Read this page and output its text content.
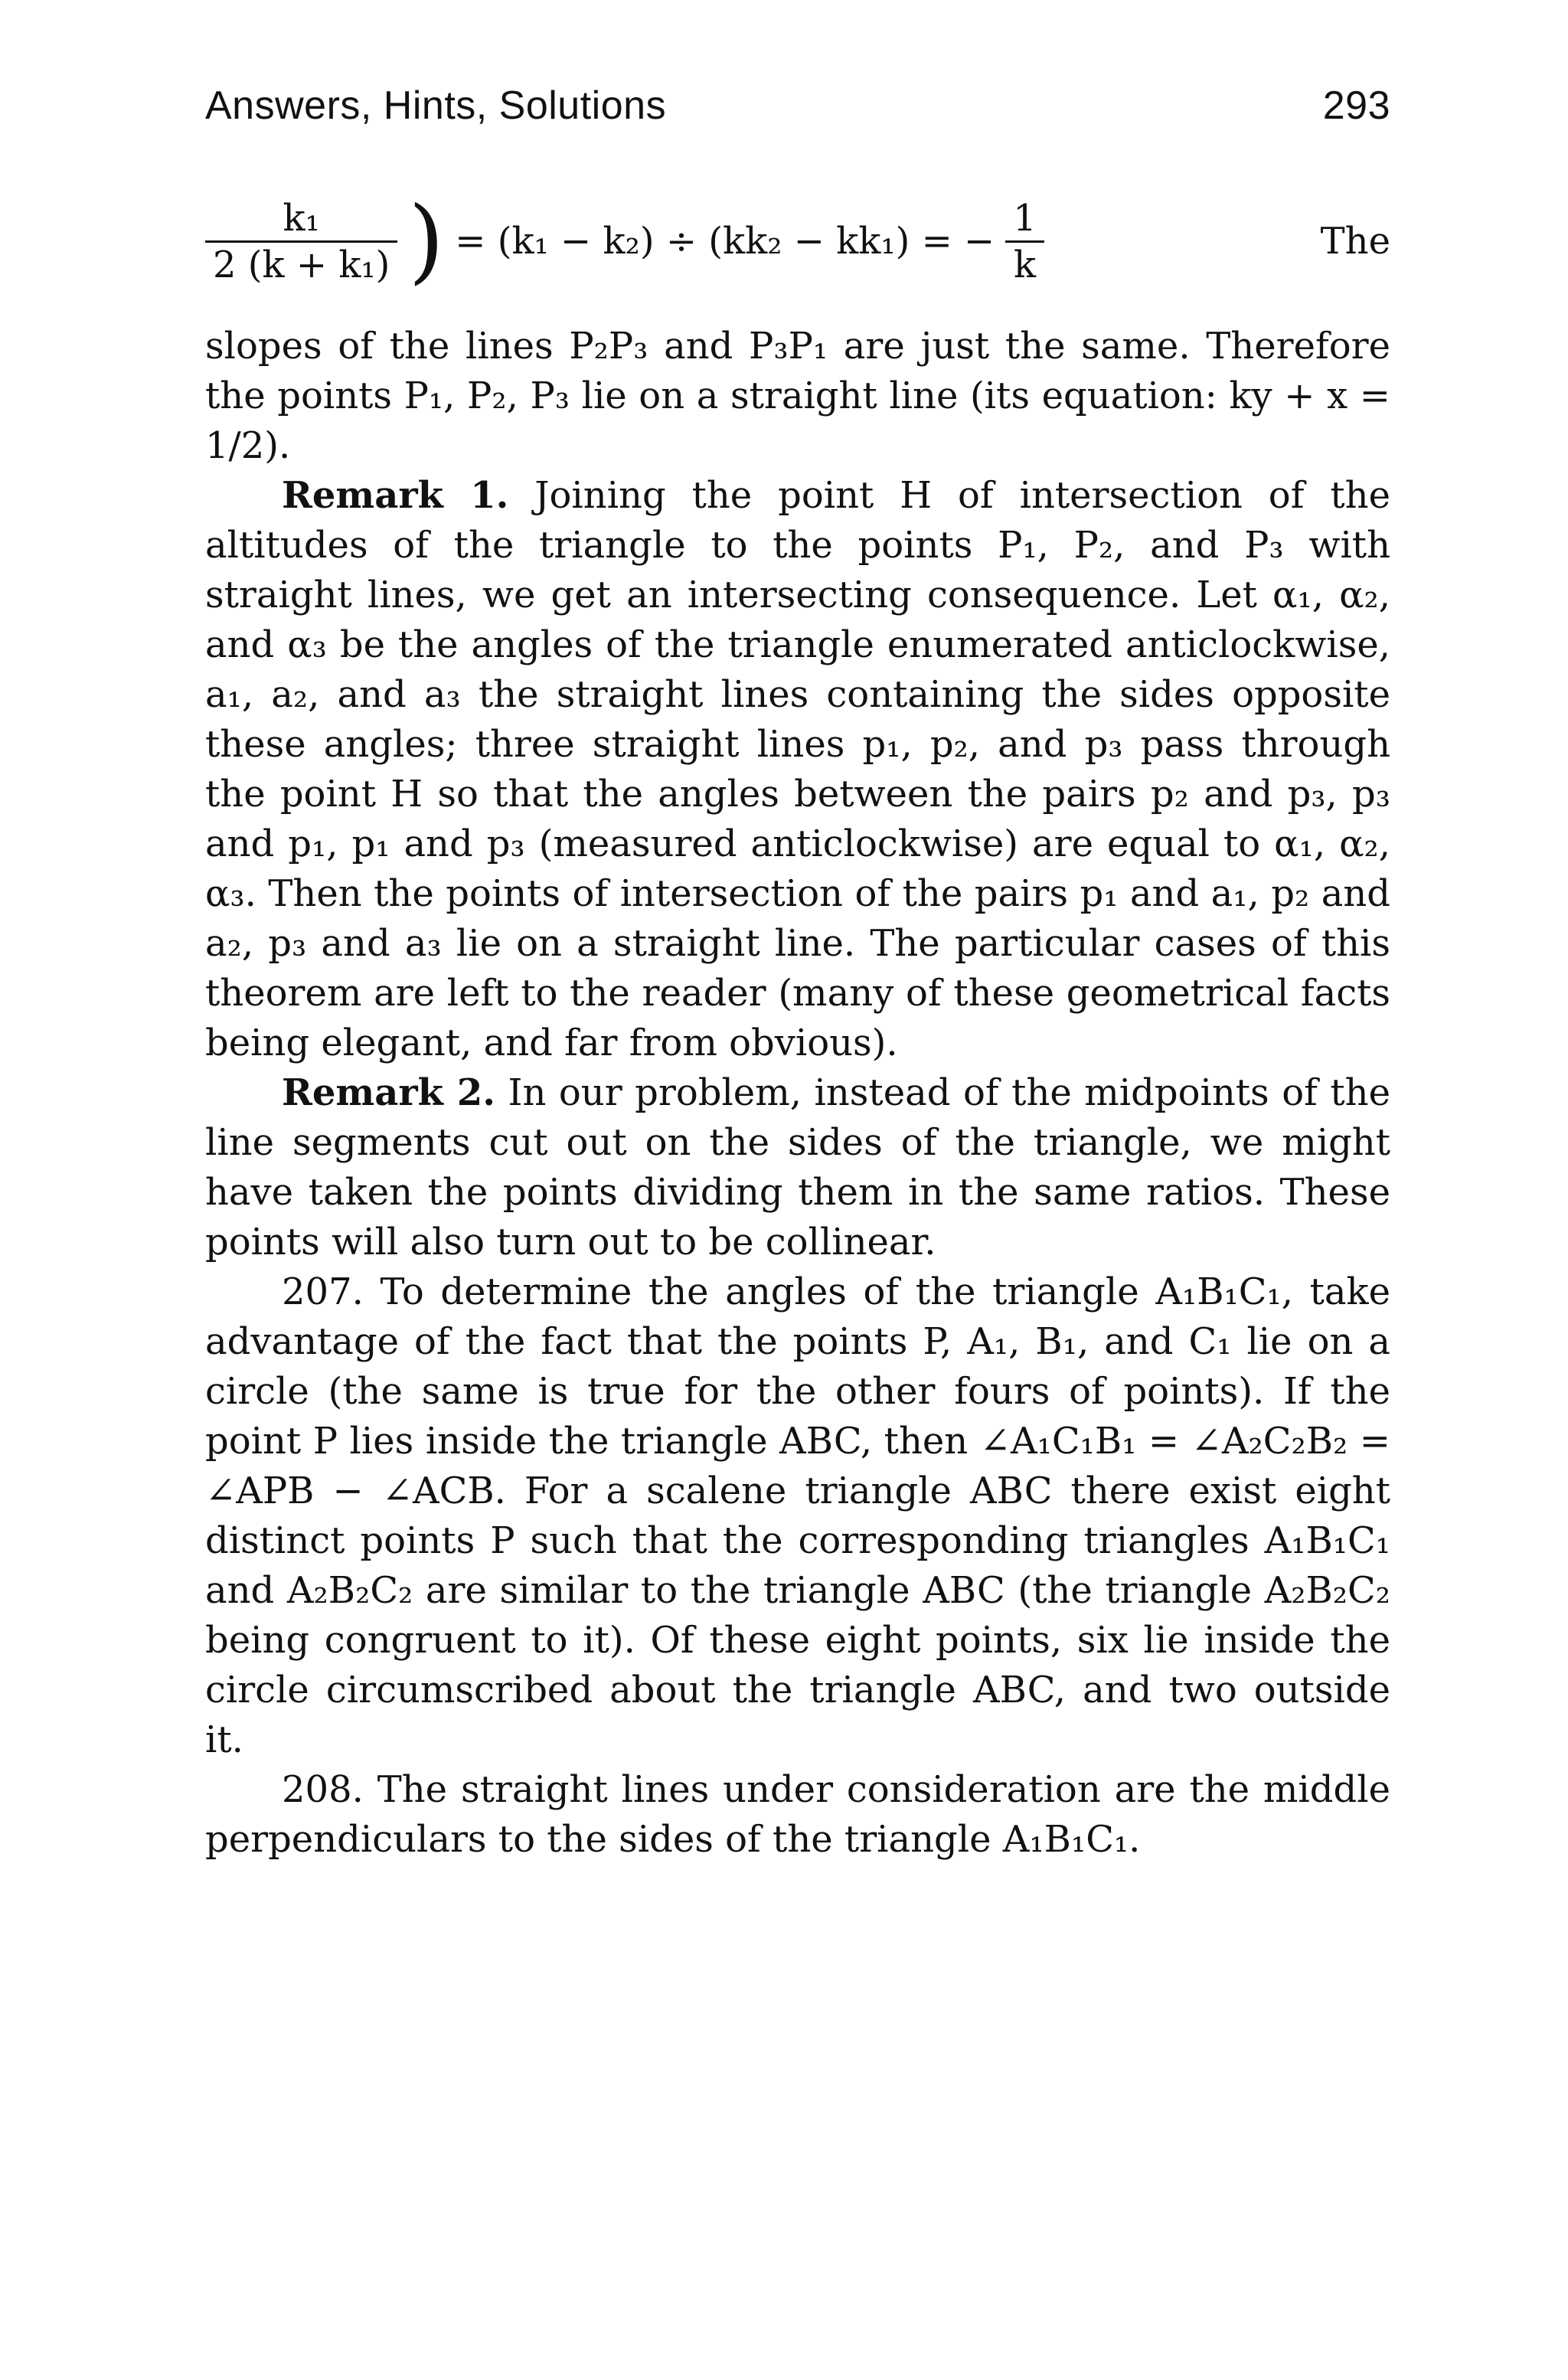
Answers, Hints, Solutions	293
$\frac{\text{k₁}}{\text{2 (k + k₁)}}$ ) = (k₁ − k₂) ÷ (kk₂ − kk₁) = − $\frac{1}{k}$	The

slopes of the lines P₂P₃ and P₃P₁ are just the same. Therefore the points P₁, P₂, P₃ lie on a straight line (its equation: ky + x = 1/2).

Remark 1. Joining the point H of intersection of the altitudes of the triangle to the points P₁, P₂, and P₃ with straight lines, we get an intersecting consequence. Let α₁, α₂, and α₃ be the angles of the triangle enumerated anticlockwise, a₁, a₂, and a₃ the straight lines containing the sides opposite these angles; three straight lines p₁, p₂, and p₃ pass through the point H so that the angles between the pairs p₂ and p₃, p₃ and p₁, p₁ and p₃ (measured anticlockwise) are equal to α₁, α₂, α₃. Then the points of intersection of the pairs p₁ and a₁, p₂ and a₂, p₃ and a₃ lie on a straight line. The particular cases of this theorem are left to the reader (many of these geometrical facts being elegant, and far from obvious).

Remark 2. In our problem, instead of the midpoints of the line segments cut out on the sides of the triangle, we might have taken the points dividing them in the same ratios. These points will also turn out to be collinear.

207. To determine the angles of the triangle A₁B₁C₁, take advantage of the fact that the points P, A₁, B₁, and C₁ lie on a circle (the same is true for the other fours of points). If the point P lies inside the triangle ABC, then ∠A₁C₁B₁ = ∠A₂C₂B₂ = ∠APB − ∠ACB. For a scalene triangle ABC there exist eight distinct points P such that the corresponding triangles A₁B₁C₁ and A₂B₂C₂ are similar to the triangle ABC (the triangle A₂B₂C₂ being congruent to it). Of these eight points, six lie inside the circle circumscribed about the triangle ABC, and two outside it.

208. The straight lines under consideration are the middle perpendiculars to the sides of the triangle A₁B₁C₁.
